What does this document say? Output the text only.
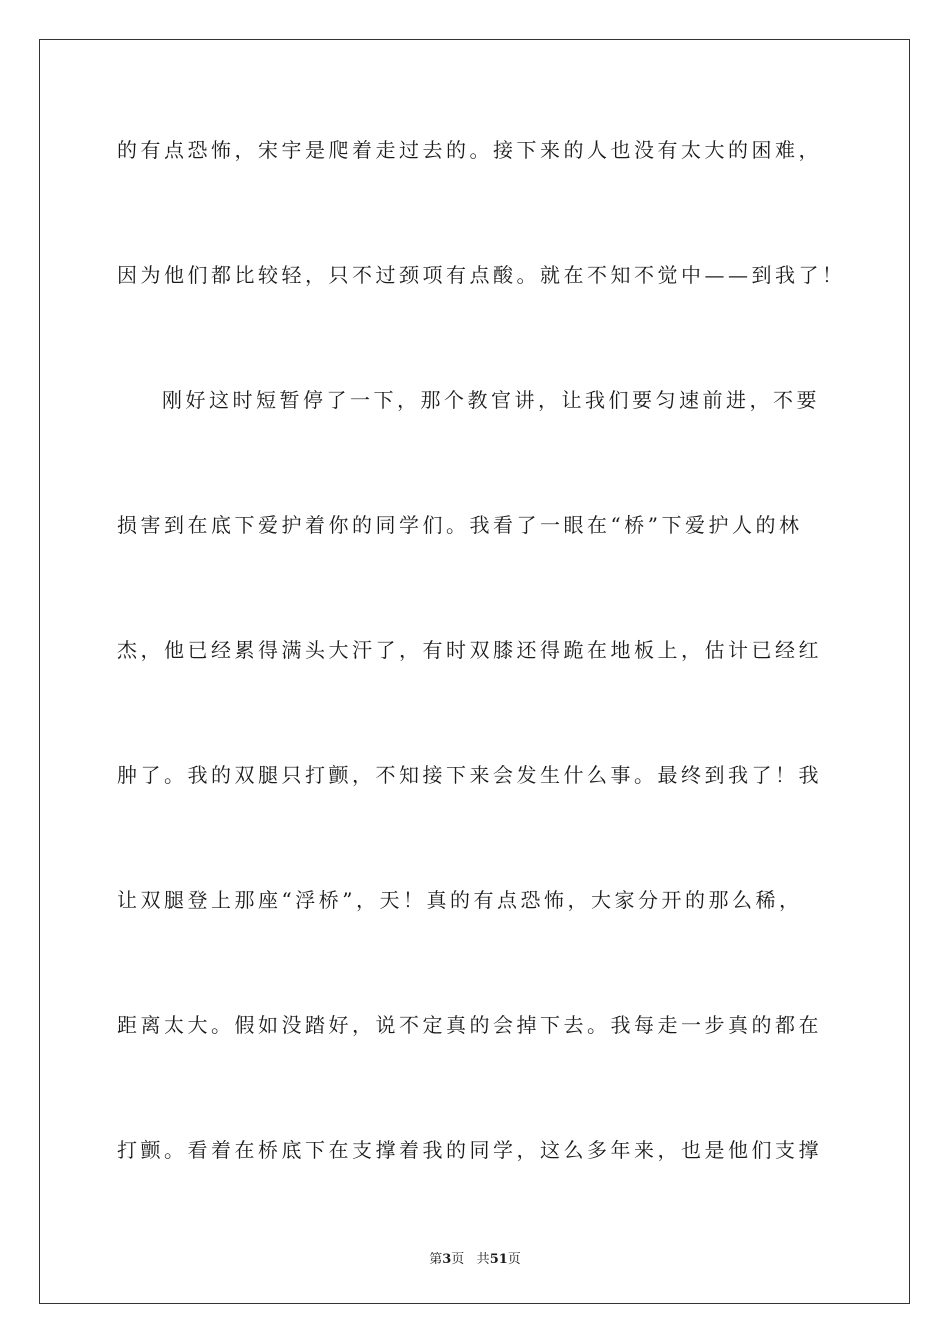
的有点恐怖，宋宇是爬着走过去的。接下来的人也没有太大的困难，
因为他们都比较轻，只不过颈项有点酸。就在不知不觉中——到我了！
刚好这时短暂停了一下，那个教官讲，让我们要匀速前进，不要
损害到在底下爱护着你的同学们。我看了一眼在“桥”下爱护人的林
杰，他已经累得满头大汗了，有时双膝还得跪在地板上，估计已经红
肿了。我的双腿只打颤，不知接下来会发生什么事。最终到我了！我
让双腿登上那座“浮桥”，天！真的有点恐怖，大家分开的那么稀，
距离太大。假如没踏好，说不定真的会掉下去。我每走一步真的都在
打颤。看着在桥底下在支撑着我的同学，这么多年来，也是他们支撑
第3页 共51页
